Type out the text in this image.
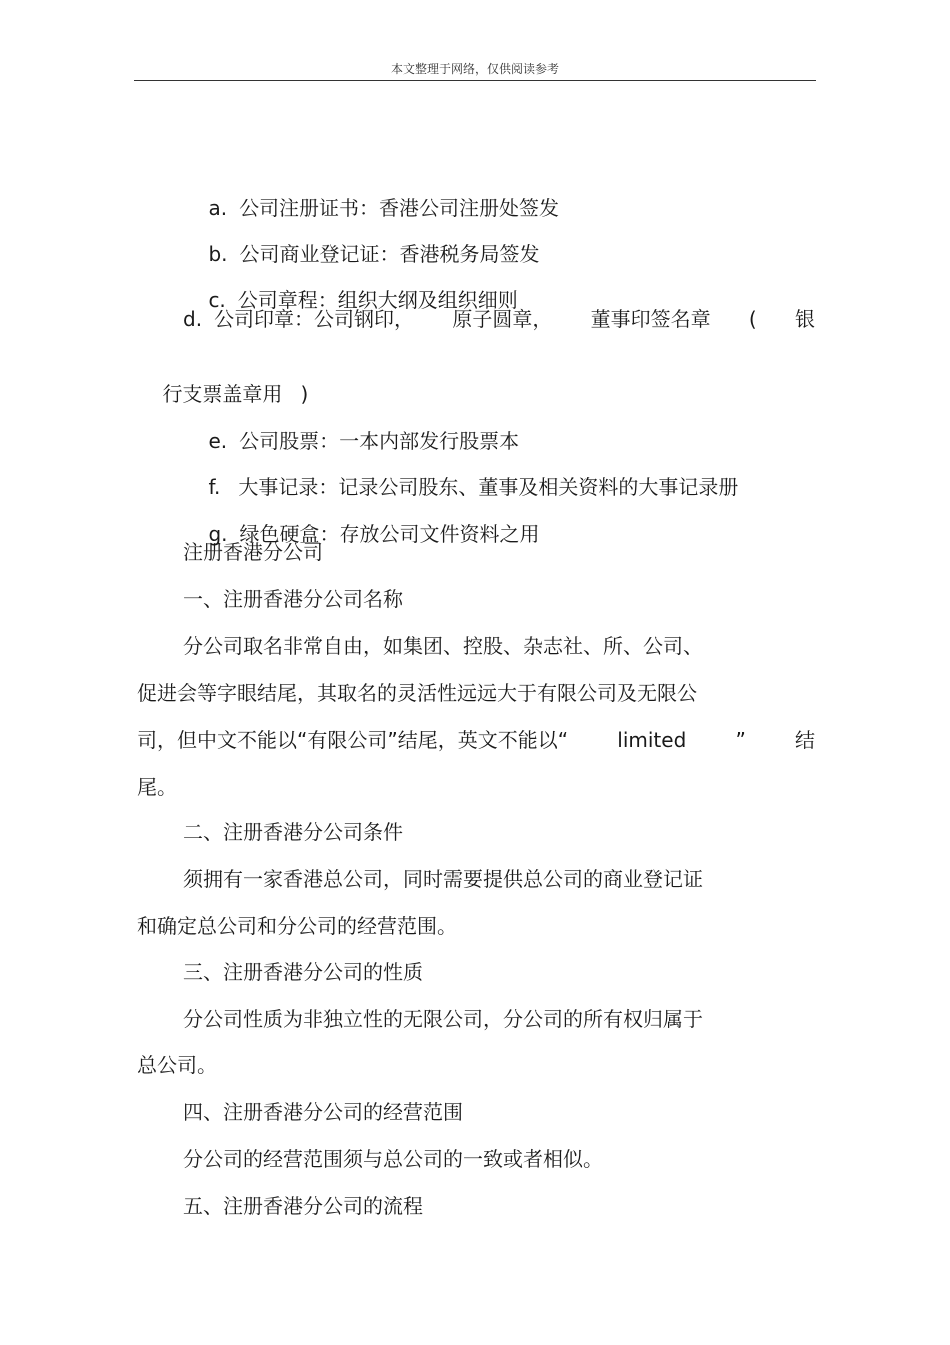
本文整理于网络，仅供阅读参考

a. 公司注册证书：香港公司注册处签发

b. 公司商业登记证：香港税务局签发

c. 公司章程：组织大纲及组织细则

d. 公司印章：公司钢印， 原子圆章， 董事印签名章 ( 银

行支票盖章用 )

e. 公司股票：一本内部发行股票本

f. 大事记录：记录公司股东、董事及相关资料的大事记录册

g. 绿色硬盒：存放公司文件资料之用

注册香港分公司
一、注册香港分公司名称
分公司取名非常自由，如集团、控股、杂志社、所、公司、
促进会等字眼结尾，其取名的灵活性远远大于有限公司及无限公
司，但中文不能以“有限公司”结尾，英文不能以“ limited ” 结
尾。
二、注册香港分公司条件
须拥有一家香港总公司，同时需要提供总公司的商业登记证
和确定总公司和分公司的经营范围。
三、注册香港分公司的性质
分公司性质为非独立性的无限公司，分公司的所有权归属于
总公司。
四、注册香港分公司的经营范围
分公司的经营范围须与总公司的一致或者相似。
五、注册香港分公司的流程
